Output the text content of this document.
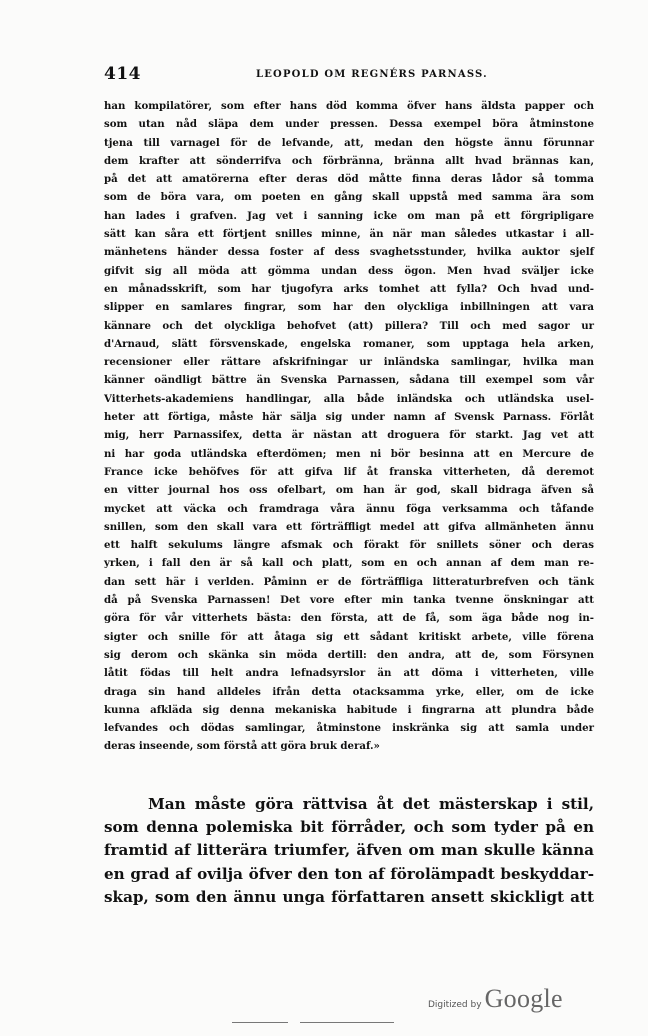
414	LEOPOLD OM REGNÉRS PARNASS.
han kompilatörer, som efter hans död komma öfver hans äldsta papper och
som utan nåd släpa dem under pressen. Dessa exempel böra åtminstone
tjena till varnagel för de lefvande, att, medan den högste ännu förunnar
dem krafter att sönderrifva och förbränna, bränna allt hvad brännas kan,
på det att amatörerna efter deras död måtte finna deras lådor så tomma
som de böra vara, om poeten en gång skall uppstå med samma ära som
han lades i grafven. Jag vet i sanning icke om man på ett förgripligare
sätt kan såra ett förtjent snilles minne, än när man således utkastar i all-
mänhetens händer dessa foster af dess svaghetsstunder, hvilka auktor sjelf
gifvit sig all möda att gömma undan dess ögon. Men hvad sväljer icke
en månadsskrift, som har tjugofyra arks tomhet att fylla? Och hvad und-
slipper en samlares fingrar, som har den olyckliga inbillningen att vara
kännare och det olyckliga behofvet (att) pillera? Till och med sagor ur
d'Arnaud, slätt försvenskade, engelska romaner, som upptaga hela arken,
recensioner eller rättare afskrifningar ur inländska samlingar, hvilka man
känner oändligt bättre än Svenska Parnassen, sådana till exempel som vår
Vitterhets-akademiens handlingar, alla både inländska och utländska usel-
heter att förtiga, måste här sälja sig under namn af Svensk Parnass. Förlåt
mig, herr Parnassifex, detta är nästan att droguera för starkt. Jag vet att
ni har goda utländska efterdömen; men ni bör besinna att en Mercure de
France icke behöfves för att gifva lif åt franska vitterheten, då deremot
en vitter journal hos oss ofelbart, om han är god, skall bidraga äfven så
mycket att väcka och framdraga våra ännu föga verksamma och tåfande
snillen, som den skall vara ett förträffligt medel att gifva allmänheten ännu
ett halft sekulums längre afsmak och förakt för snillets söner och deras
yrken, i fall den är så kall och platt, som en och annan af dem man re-
dan sett här i verlden. Påminn er de förträffliga litteraturbrefven och tänk
då på Svenska Parnassen! Det vore efter min tanka tvenne önskningar att
göra för vår vitterhets bästa: den första, att de få, som äga både nog in-
sigter och snille för att åtaga sig ett sådant kritiskt arbete, ville förena
sig derom och skänka sin möda dertill: den andra, att de, som Försynen
låtit födas till helt andra lefnadsyrslor än att döma i vitterheten, ville
draga sin hand alldeles ifrån detta otacksamma yrke, eller, om de icke
kunna afkläda sig denna mekaniska habitude i fingrarna att plundra både
lefvandes och dödas samlingar, åtminstone inskränka sig att samla under
deras inseende, som förstå att göra bruk deraf.»
Man måste göra rättvisa åt det mästerskap i stil,
som denna polemiska bit förråder, och som tyder på en
framtid af litterära triumfer, äfven om man skulle känna
en grad af ovilja öfver den ton af förolämpadt beskyddar-
skap, som den ännu unga författaren ansett skickligt att
Digitized by Google
